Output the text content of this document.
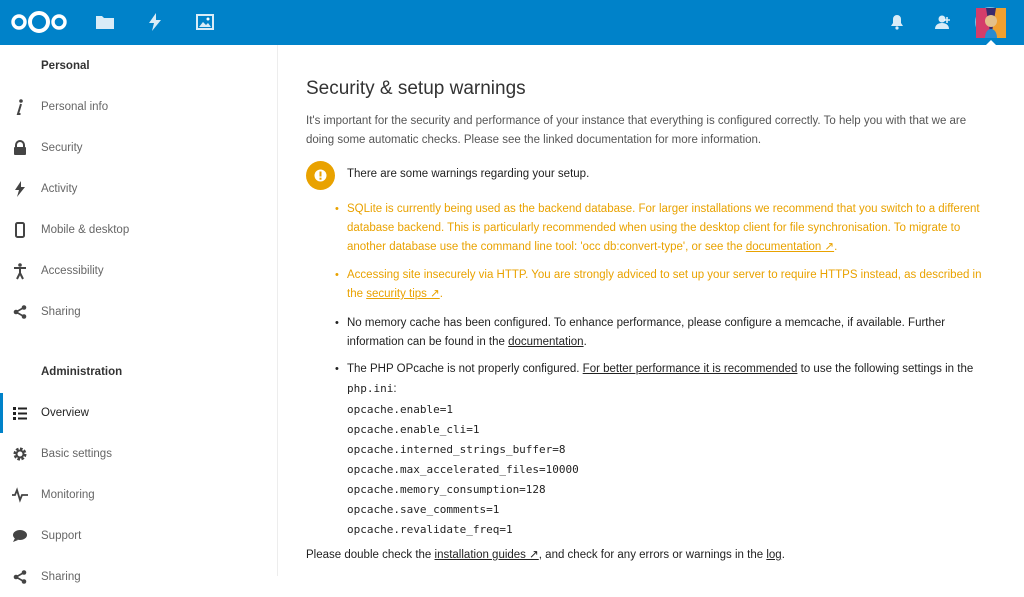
Personal
Personal info
Security
Activity
Mobile & desktop
Accessibility
Sharing
Administration
Overview
Basic settings
Monitoring
Support
Sharing
Security & setup warnings
It's important for the security and performance of your instance that everything is configured correctly. To help you with that we are doing some automatic checks. Please see the linked documentation for more information.
There are some warnings regarding your setup.
• SQLite is currently being used as the backend database. For larger installations we recommend that you switch to a different database backend. This is particularly recommended when using the desktop client for file synchronisation. To migrate to another database use the command line tool: 'occ db:convert-type', or see the documentation ↗.
• Accessing site insecurely via HTTP. You are strongly adviced to set up your server to require HTTPS instead, as described in the security tips ↗.
• No memory cache has been configured. To enhance performance, please configure a memcache, if available. Further information can be found in the documentation.
• The PHP OPcache is not properly configured. For better performance it is recommended to use the following settings in the php.ini:
opcache.enable=1
opcache.enable_cli=1
opcache.interned_strings_buffer=8
opcache.max_accelerated_files=10000
opcache.memory_consumption=128
opcache.save_comments=1
opcache.revalidate_freq=1
Please double check the installation guides ↗, and check for any errors or warnings in the log.
